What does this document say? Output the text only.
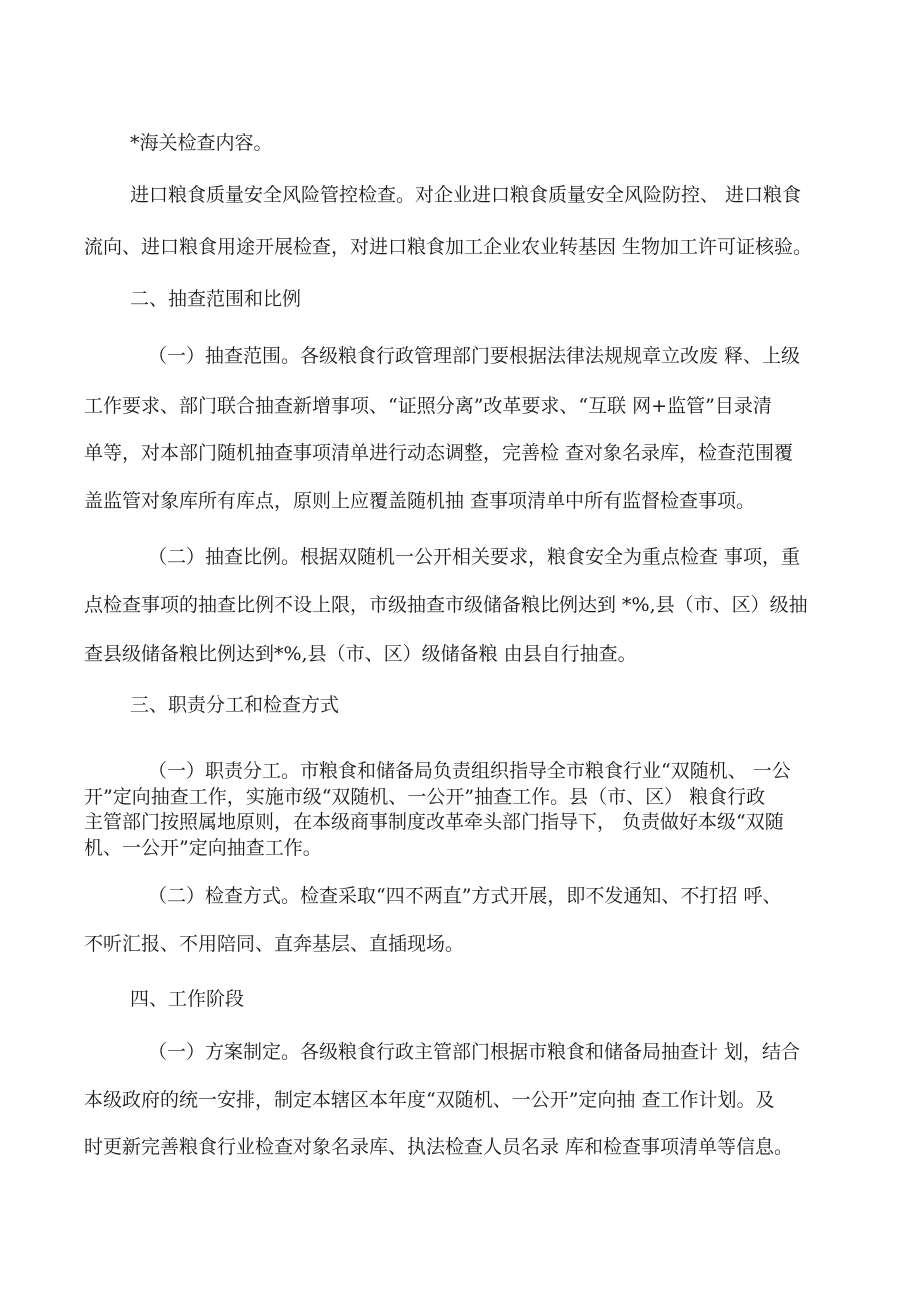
*海关检查内容。
进口粮食质量安全风险管控检查。对企业进口粮食质量安全风险防控、 进口粮食
流向、进口粮食用途开展检查，对进口粮食加工企业农业转基因 生物加工许可证核验。
二、抽查范围和比例
（一）抽查范围。各级粮食行政管理部门要根据法律法规规章立改废 释、上级
工作要求、部门联合抽查新增事项、“证照分离”改革要求、“互联 网+监管”目录清
单等，对本部门随机抽查事项清单进行动态调整，完善检 查对象名录库，检查范围覆
盖监管对象库所有库点，原则上应覆盖随机抽 查事项清单中所有监督检查事项。
（二）抽查比例。根据双随机一公开相关要求，粮食安全为重点检查 事项，重
点检查事项的抽查比例不设上限，市级抽查市级储备粮比例达到 *%,县（市、区）级抽
查县级储备粮比例达到*%,县（市、区）级储备粮 由县自行抽查。
三、职责分工和检查方式
（一）职责分工。市粮食和储备局负责组织指导全市粮食行业“双随机、 一公
开”定向抽查工作，实施市级“双随机、一公开”抽查工作。县（市、区） 粮食行政
主管部门按照属地原则，在本级商事制度改革牵头部门指导下， 负责做好本级“双随
机、一公开”定向抽查工作。
（二）检查方式。检查采取“四不两直”方式开展，即不发通知、不打招 呼、
不听汇报、不用陪同、直奔基层、直插现场。
四、工作阶段
（一）方案制定。各级粮食行政主管部门根据市粮食和储备局抽查计 划，结合
本级政府的统一安排，制定本辖区本年度“双随机、一公开”定向抽 查工作计划。及
时更新完善粮食行业检查对象名录库、执法检查人员名录 库和检查事项清单等信息。
